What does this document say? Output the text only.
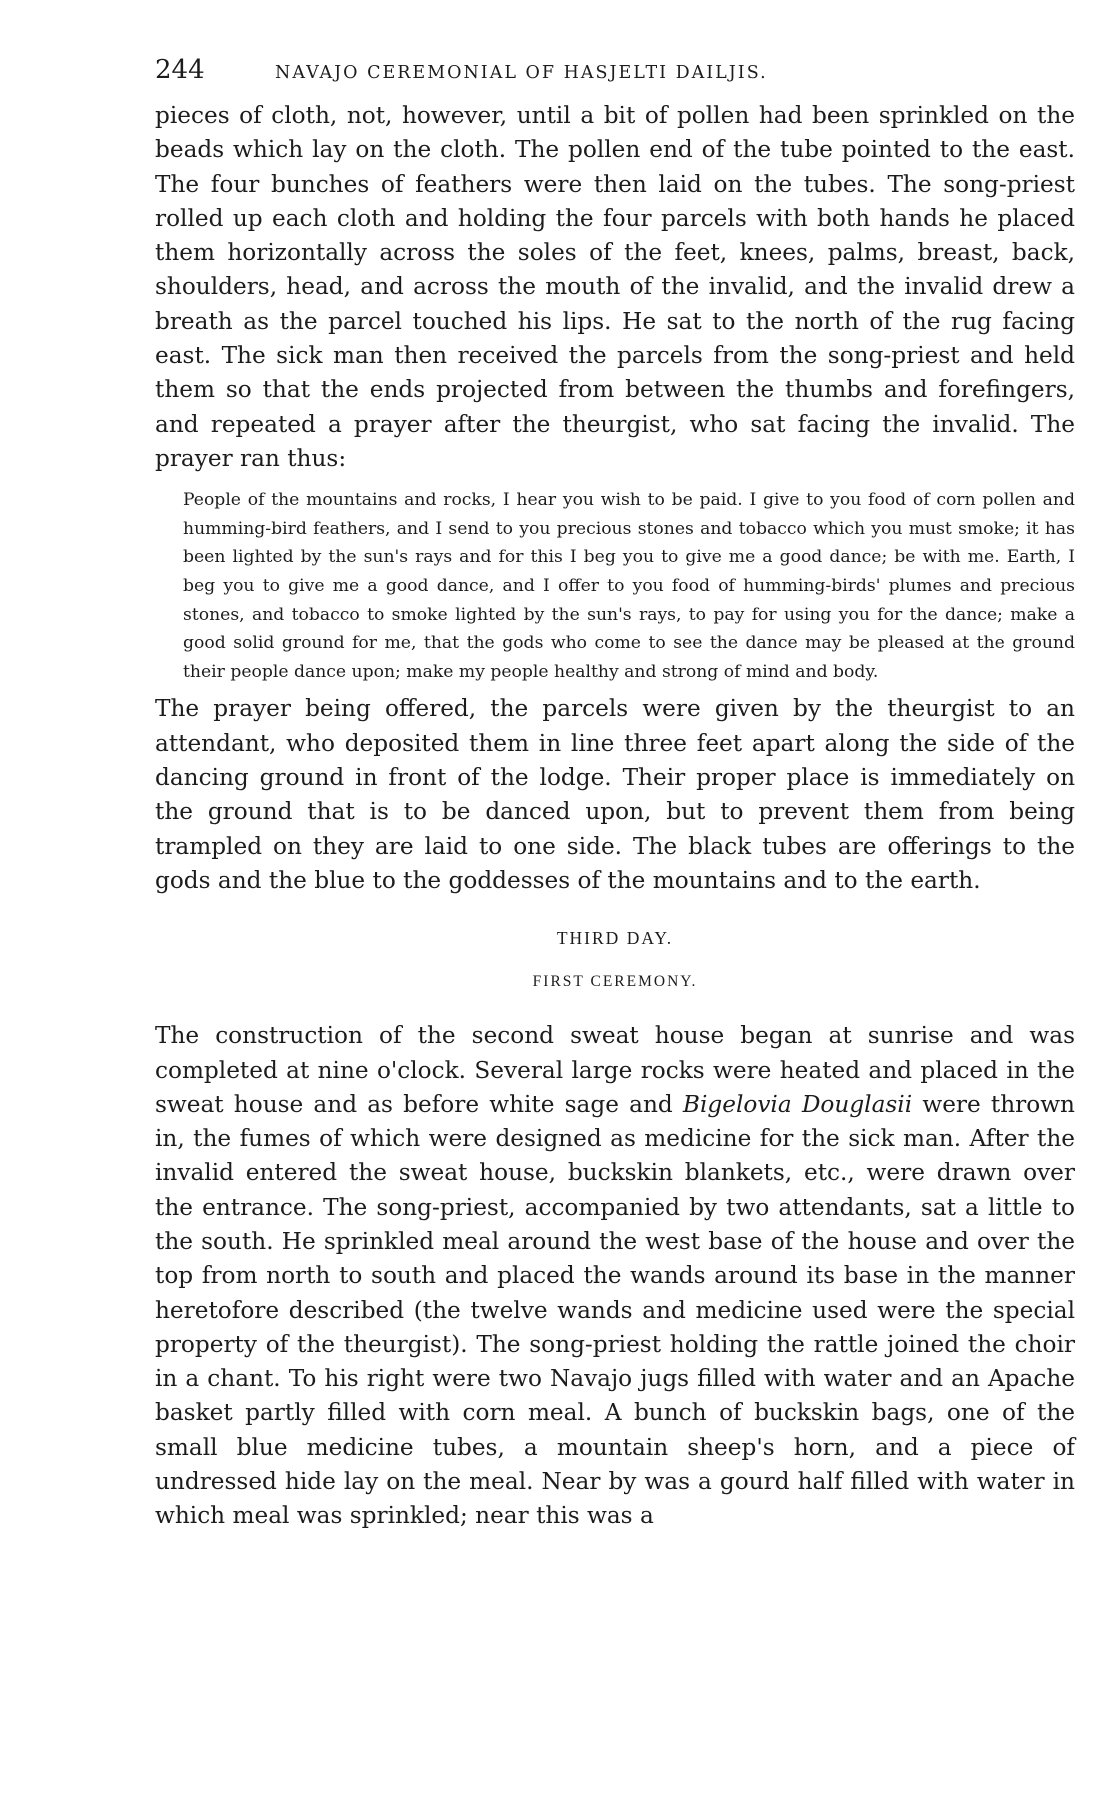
244	NAVAJO CEREMONIAL OF HASJELTI DAILJIS.

pieces of cloth, not, however, until a bit of pollen had been sprinkled on the beads which lay on the cloth. The pollen end of the tube pointed to the east. The four bunches of feathers were then laid on the tubes. The song-priest rolled up each cloth and holding the four parcels with both hands he placed them horizontally across the soles of the feet, knees, palms, breast, back, shoulders, head, and across the mouth of the invalid, and the invalid drew a breath as the parcel touched his lips. He sat to the north of the rug facing east. The sick man then received the parcels from the song-priest and held them so that the ends projected from between the thumbs and forefingers, and repeated a prayer after the theurgist, who sat facing the invalid. The prayer ran thus:

People of the mountains and rocks, I hear you wish to be paid. I give to you food of corn pollen and humming-bird feathers, and I send to you precious stones and tobacco which you must smoke; it has been lighted by the sun's rays and for this I beg you to give me a good dance; be with me. Earth, I beg you to give me a good dance, and I offer to you food of humming-birds' plumes and precious stones, and tobacco to smoke lighted by the sun's rays, to pay for using you for the dance; make a good solid ground for me, that the gods who come to see the dance may be pleased at the ground their people dance upon; make my people healthy and strong of mind and body.

The prayer being offered, the parcels were given by the theurgist to an attendant, who deposited them in line three feet apart along the side of the dancing ground in front of the lodge. Their proper place is immediately on the ground that is to be danced upon, but to prevent them from being trampled on they are laid to one side. The black tubes are offerings to the gods and the blue to the goddesses of the mountains and to the earth.

THIRD DAY.
FIRST CEREMONY.

The construction of the second sweat house began at sunrise and was completed at nine o'clock. Several large rocks were heated and placed in the sweat house and as before white sage and Bigelovia Douglasii were thrown in, the fumes of which were designed as medicine for the sick man. After the invalid entered the sweat house, buckskin blankets, etc., were drawn over the entrance. The song-priest, accompanied by two attendants, sat a little to the south. He sprinkled meal around the west base of the house and over the top from north to south and placed the wands around its base in the manner heretofore described (the twelve wands and medicine used were the special property of the theurgist). The song-priest holding the rattle joined the choir in a chant. To his right were two Navajo jugs filled with water and an Apache basket partly filled with corn meal. A bunch of buckskin bags, one of the small blue medicine tubes, a mountain sheep's horn, and a piece of undressed hide lay on the meal. Near by was a gourd half filled with water in which meal was sprinkled; near this was a
